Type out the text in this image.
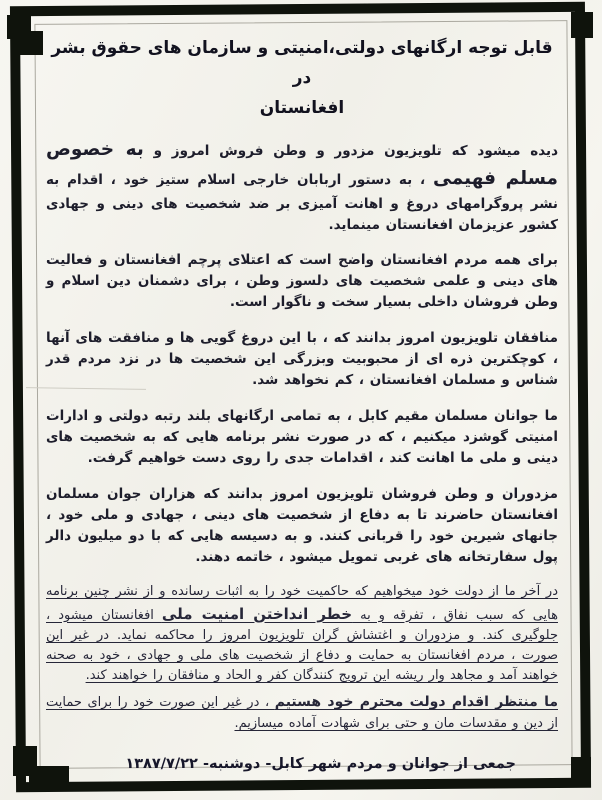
قابل توجه ارگانهای دولتی،امنیتی و سازمان های حقوق بشر در
افغانستان

دیده میشود که تلویزیون مزدور و وطن فروش امروز و به خصوص مسلم فهیمی ، به دستور اربابان خارجی اسلام ستیز خود ، اقدام به نشر پروگرامهای دروغ و اهانت آمیزی بر ضد شخصیت های دینی و جهادی کشور عزیزمان افغانستان مینماید.

برای همه مردم افغانستان واضح است که اعتلای پرچم افغانستان و فعالیت های دینی و علمی شخصیت های دلسوز وطن ، برای دشمنان دین اسلام و وطن فروشان داخلی بسیار سخت و ناگوار است.

منافقان تلویزیون امروز بدانند که ، با این دروغ گویی ها و منافقت های آنها ، کوچکترین ذره ای از محبوبیت وبزرگی این شخصیت ها در نزد مردم قدر شناس و مسلمان افغانستان ، کم نخواهد شد.

ما جوانان مسلمان مقیم کابل ، به تمامی ارگانهای بلند رتبه دولتی و ادارات امنیتی گوشزد میکنیم ، که در صورت نشر برنامه هایی که به شخصیت های دینی و ملی ما اهانت کند ، اقدامات جدی را روی دست خواهیم گرفت.

مزدوران و وطن فروشان تلویزیون امروز بدانند که هزاران جوان مسلمان افغانستان حاضرند تا به دفاع از شخصیت های دینی ، جهادی و ملی خود ، جانهای شیرین خود را قربانی کنند. و به دسیسه هایی که با دو میلیون دالر پول سفارتخانه های غربی تمویل میشود ، خاتمه دهند.

در آخر ما از دولت خود میخواهیم که حاکمیت خود را به اثبات رسانده و از نشر چنین برنامه هایی که سبب نفاق ، تفرقه و به خطر انداختن امنیت ملی افغانستان میشود ، جلوگیری کند. و مزدوران و اغتشاش گران تلویزیون امروز را محاکمه نماید. در غیر این صورت ، مردم افغانستان به حمایت و دفاع از شخصیت های ملی و جهادی ، خود به صحنه خواهند آمد و مجاهد وار ریشه این ترویج کنندگان کفر و الحاد و منافقان را خواهند کند.

ما منتظر اقدام دولت محترم خود هستیم ، در غیر این صورت خود را برای حمایت از دین و مقدسات مان و حتی برای شهادت آماده میسازیم.

جمعی از جوانان و مردم شهر کابل- دوشنبه- ۱۳۸۷/۷/۲۲
